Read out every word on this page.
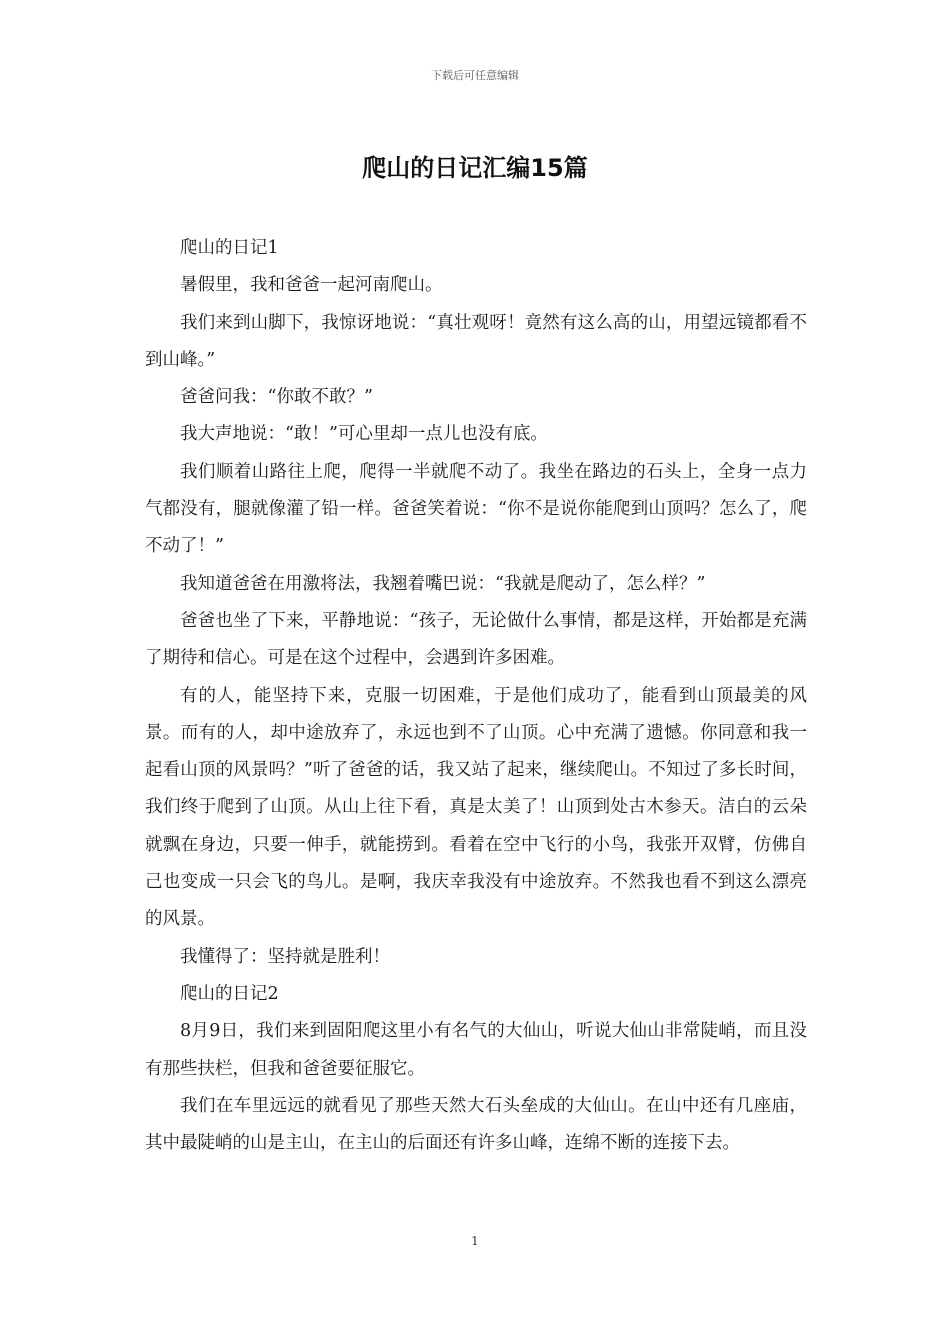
下载后可任意编辑
爬山的日记汇编15篇

爬山的日记1

暑假里，我和爸爸一起河南爬山。

我们来到山脚下，我惊讶地说：“真壮观呀！竟然有这么高的山，用望远镜都看不到山峰。”

爸爸问我：“你敢不敢？”

我大声地说：“敢！”可心里却一点儿也没有底。

我们顺着山路往上爬，爬得一半就爬不动了。我坐在路边的石头上，全身一点力气都没有，腿就像灌了铅一样。爸爸笑着说：“你不是说你能爬到山顶吗？怎么了，爬不动了！”

我知道爸爸在用激将法，我翘着嘴巴说：“我就是爬动了，怎么样？”

爸爸也坐了下来，平静地说：“孩子，无论做什么事情，都是这样，开始都是充满了期待和信心。可是在这个过程中，会遇到许多困难。

有的人，能坚持下来，克服一切困难，于是他们成功了，能看到山顶最美的风景。而有的人，却中途放弃了，永远也到不了山顶。心中充满了遗憾。你同意和我一起看山顶的风景吗？”听了爸爸的话，我又站了起来，继续爬山。不知过了多长时间，我们终于爬到了山顶。从山上往下看，真是太美了！山顶到处古木参天。洁白的云朵就飘在身边，只要一伸手，就能捞到。看着在空中飞行的小鸟，我张开双臂，仿佛自己也变成一只会飞的鸟儿。是啊，我庆幸我没有中途放弃。不然我也看不到这么漂亮的风景。

我懂得了：坚持就是胜利！

爬山的日记2

8月9日，我们来到固阳爬这里小有名气的大仙山，听说大仙山非常陡峭，而且没有那些扶栏，但我和爸爸要征服它。

我们在车里远远的就看见了那些天然大石头垒成的大仙山。在山中还有几座庙，其中最陡峭的山是主山，在主山的后面还有许多山峰，连绵不断的连接下去。

1
